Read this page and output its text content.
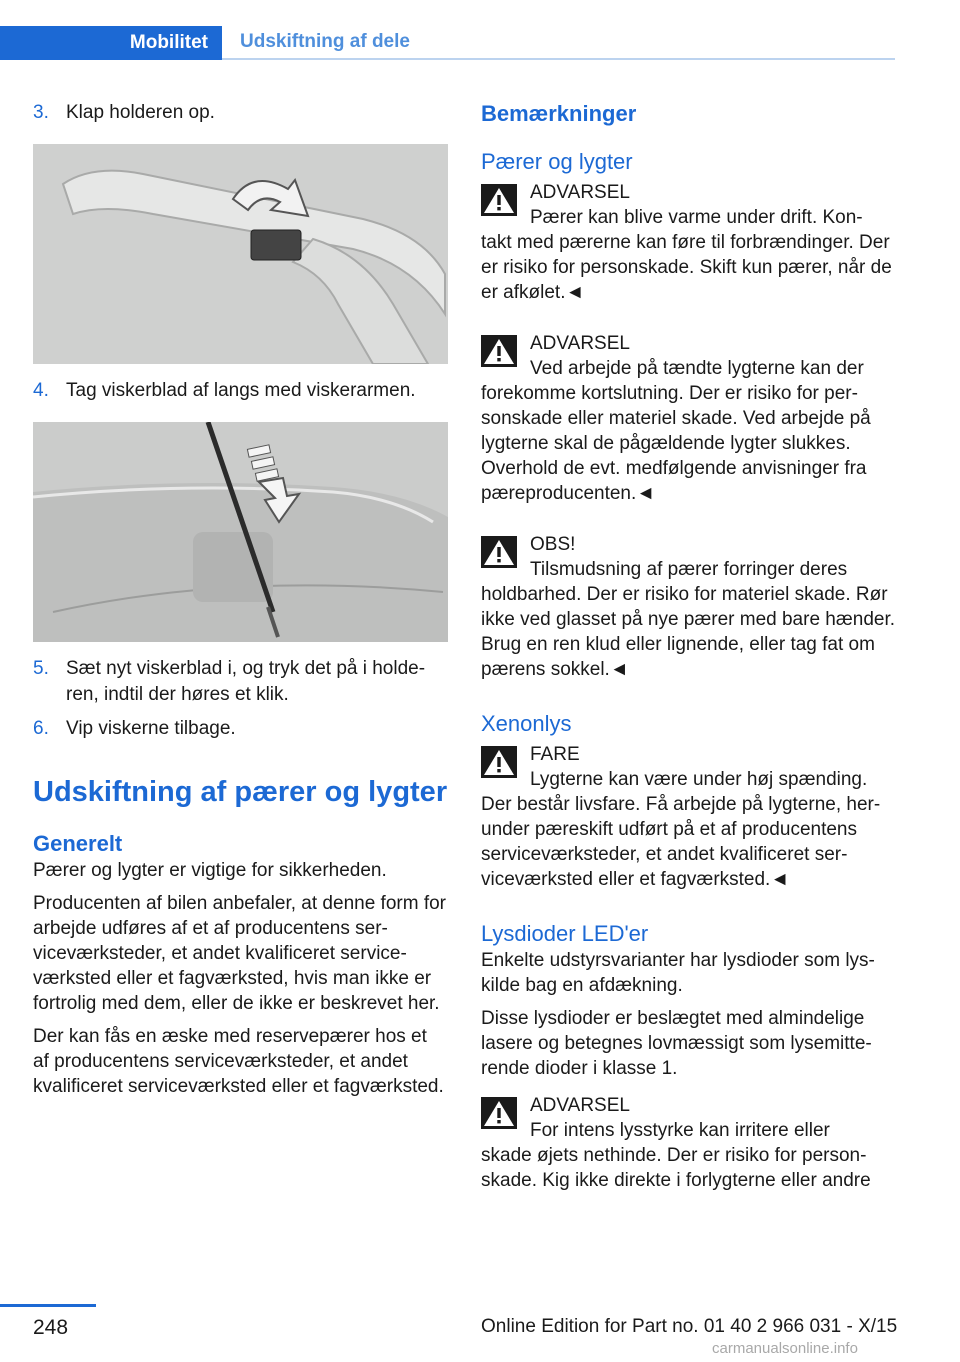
Mobilitet	Udskiftning af dele
3. Klap holderen op.
4. Tag viskerblad af langs med viskerarmen.
5. Sæt nyt viskerblad i, og tryk det på i holderen, indtil der høres et klik.
6. Vip viskerne tilbage.
Udskiftning af pærer og lygter
Generelt

Pærer og lygter er vigtige for sikkerheden.

Producenten af bilen anbefaler, at denne form for arbejde udføres af et af producentens serviceværksteder, et andet kvalificeret serviceværksted eller et fagværksted, hvis man ikke er fortrolig med dem, eller de ikke er beskrevet her.

Der kan fås en æske med reservepærer hos et af producentens serviceværksteder, et andet kvalificeret serviceværksted eller et fagværksted.

Bemærkninger
Pærer og lygter
ADVARSEL
Pærer kan blive varme under drift. Kon-
takt med pærerne kan føre til forbrændinger. Der er risiko for personskade. Skift kun pærer, når de er afkølet.◄
ADVARSEL
Ved arbejde på tændte lygterne kan der
forekomme kortslutning. Der er risiko for personskade eller materiel skade. Ved arbejde på lygterne skal de pågældende lygter slukkes. Overhold de evt. medfølgende anvisninger fra pæreproducenten.◄
OBS!
Tilsmudsning af pærer forringer deres
holdbarhed. Der er risiko for materiel skade. Rør ikke ved glasset på nye pærer med bare hænder. Brug en ren klud eller lignende, eller tag fat om pærens sokkel.◄
Xenonlys
FARE
Lygterne kan være under høj spænding.
Der består livsfare. Få arbejde på lygterne, herunder pæreskift udført på et af producentens serviceværksteder, et andet kvalificeret serviceværksted eller et fagværksted.◄
Lysdioder LED'er

Enkelte udstyrsvarianter har lysdioder som lyskilde bag en afdækning.

Disse lysdioder er beslægtet med almindelige lasere og betegnes lovmæssigt som lysemitterende dioder i klasse 1.

ADVARSEL
For intens lysstyrke kan irritere eller
skade øjets nethinde. Der er risiko for personskade. Kig ikke direkte i forlygterne eller andre
248	Online Edition for Part no. 01 40 2 966 031 - X/15
carmanualsonline.info
